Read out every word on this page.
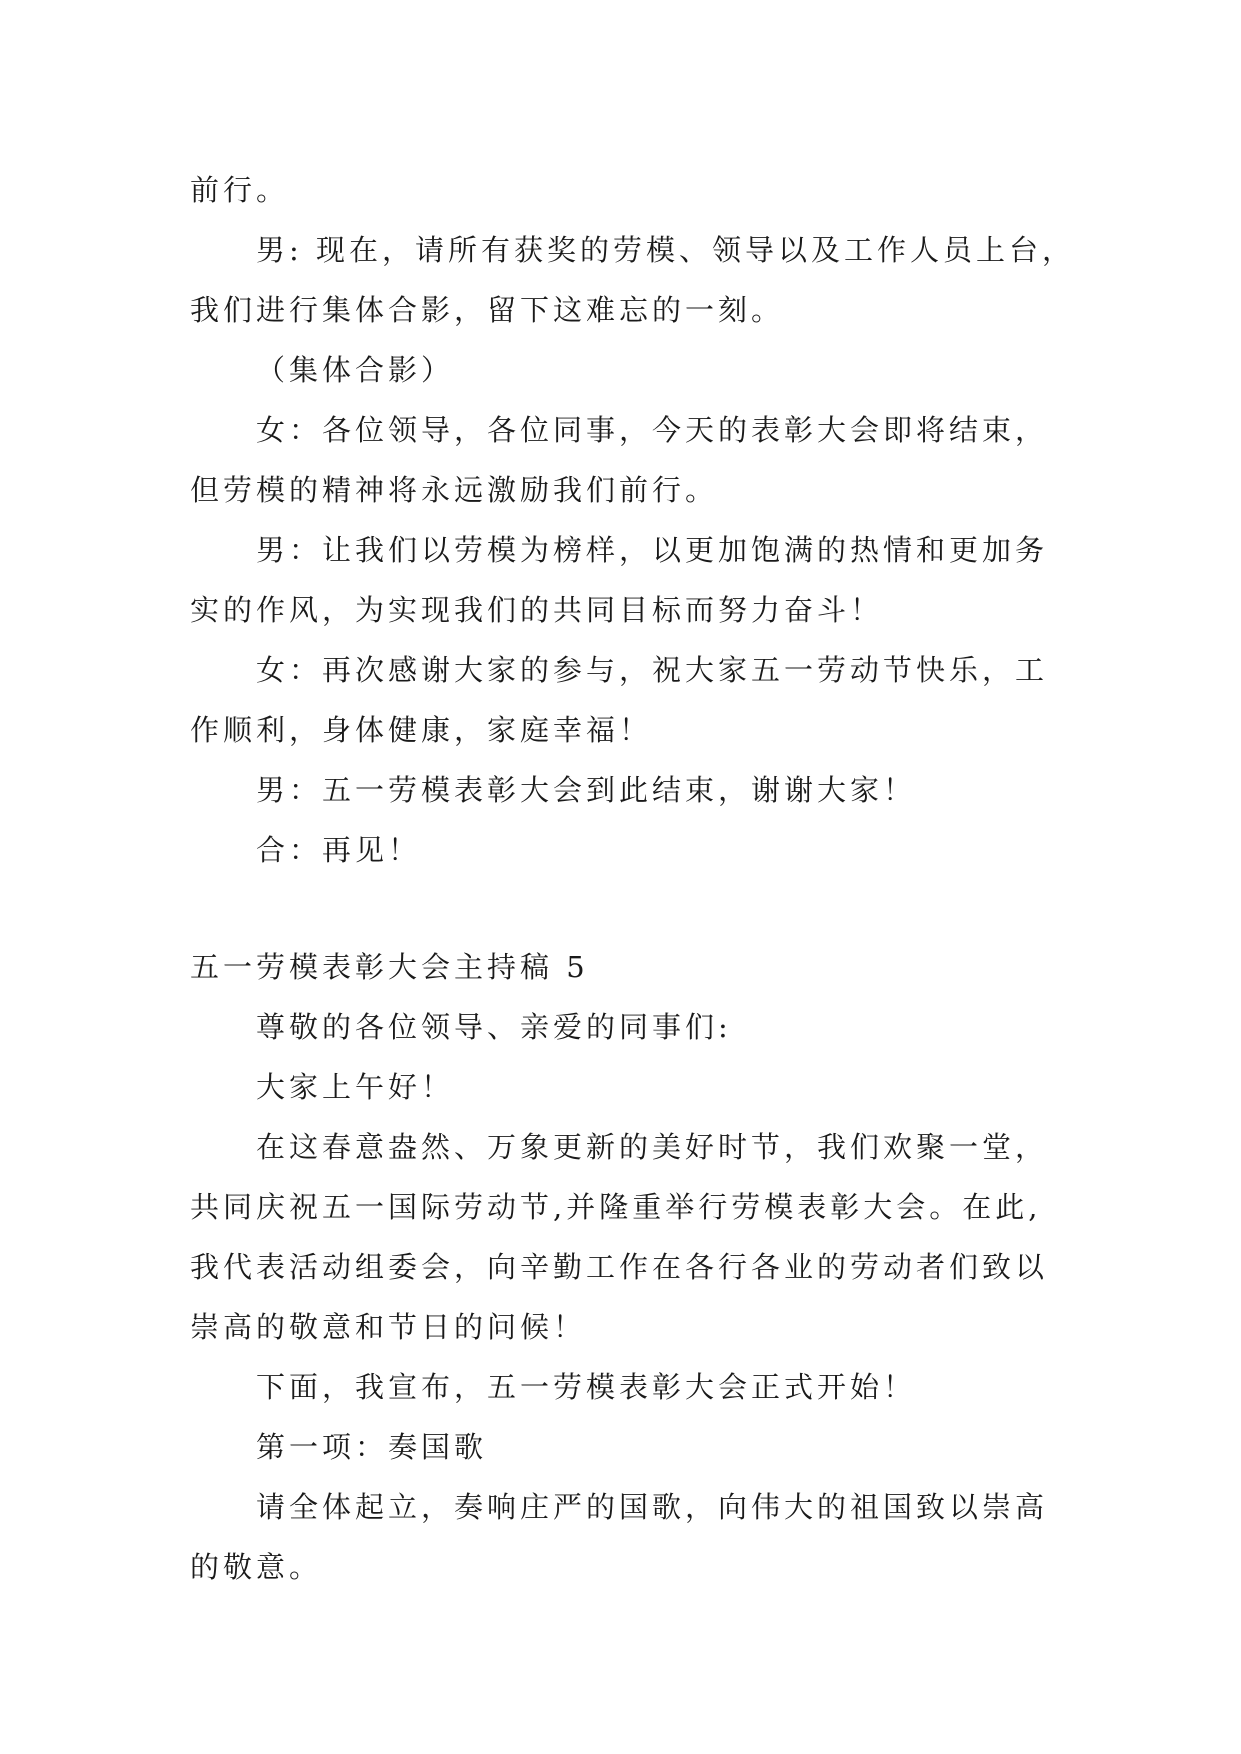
前行。
男: 现在，请所有获奖的劳模、领导以及工作人员上台，
我们进行集体合影，留下这难忘的一刻。
（集体合影）
女：各位领导，各位同事，今天的表彰大会即将结束，
但劳模的精神将永远激励我们前行。
男：让我们以劳模为榜样，以更加饱满的热情和更加务
实的作风，为实现我们的共同目标而努力奋斗！
女：再次感谢大家的参与，祝大家五一劳动节快乐，工
作顺利，身体健康，家庭幸福！
男：五一劳模表彰大会到此结束，谢谢大家！
合：再见！
五一劳模表彰大会主持稿 5
尊敬的各位领导、亲爱的同事们:
大家上午好！
在这春意盎然、万象更新的美好时节，我们欢聚一堂，
共同庆祝五一国际劳动节,并隆重举行劳模表彰大会。在此,
我代表活动组委会，向辛勤工作在各行各业的劳动者们致以
崇高的敬意和节日的问候！
下面，我宣布，五一劳模表彰大会正式开始！
第一项：奏国歌
请全体起立，奏响庄严的国歌，向伟大的祖国致以崇高
的敬意。
